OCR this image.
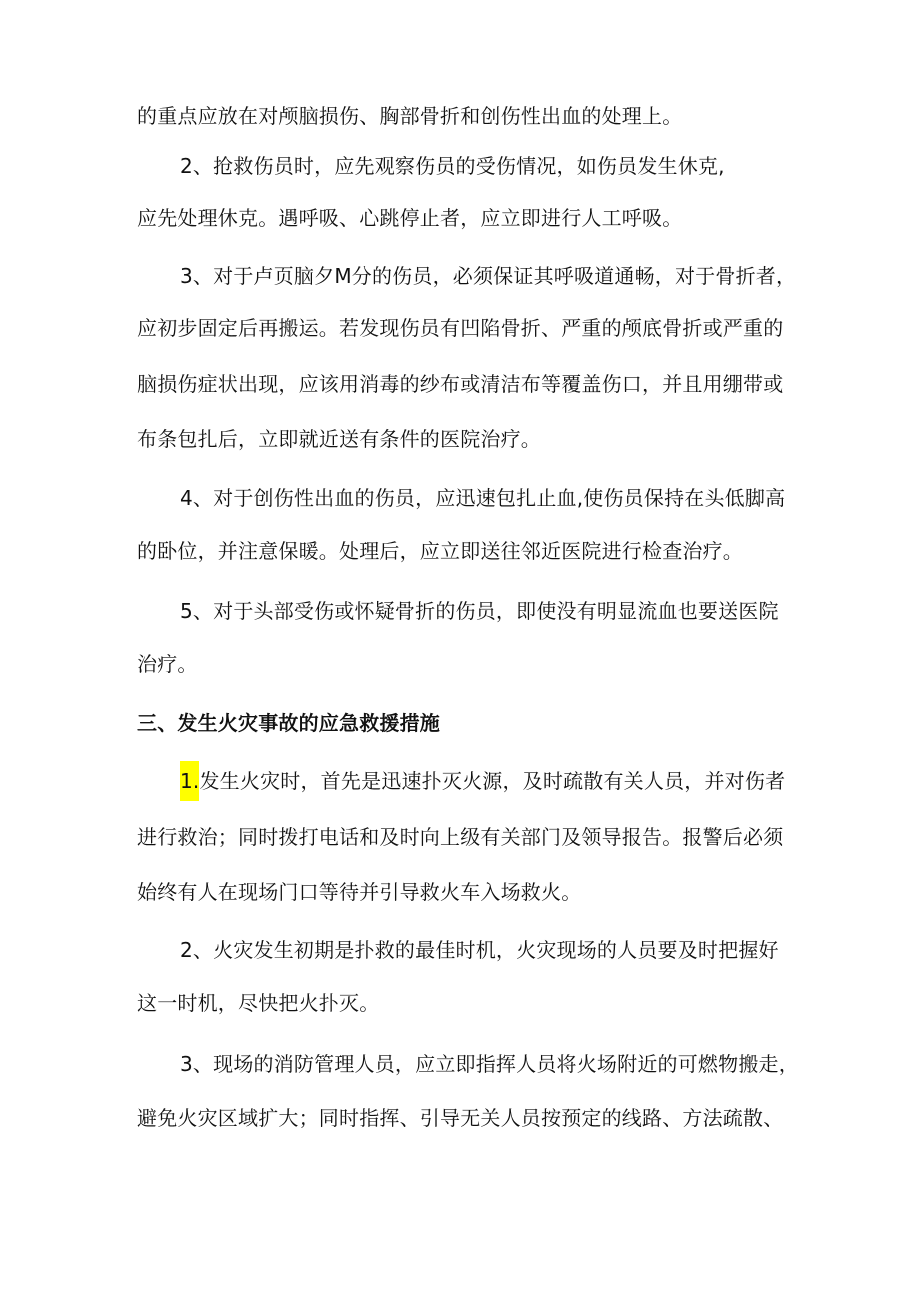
的重点应放在对颅脑损伤、胸部骨折和创伤性出血的处理上。
2、抢救伤员时，应先观察伤员的受伤情况，如伤员发生休克,
应先处理休克。遇呼吸、心跳停止者，应立即进行人工呼吸。
3、对于卢页脑夕M分的伤员，必须保证其呼吸道通畅，对于骨折者，
应初步固定后再搬运。若发现伤员有凹陷骨折、严重的颅底骨折或严重的
脑损伤症状出现，应该用消毒的纱布或清洁布等覆盖伤口，并且用绷带或
布条包扎后，立即就近送有条件的医院治疗。
4、对于创伤性出血的伤员，应迅速包扎止血,使伤员保持在头低脚高
的卧位，并注意保暖。处理后，应立即送往邻近医院进行检查治疗。
5、对于头部受伤或怀疑骨折的伤员，即使没有明显流血也要送医院
治疗。
三、发生火灾事故的应急救援措施
1.发生火灾时，首先是迅速扑灭火源，及时疏散有关人员，并对伤者
进行救治；同时拨打电话和及时向上级有关部门及领导报告。报警后必须
始终有人在现场门口等待并引导救火车入场救火。
2、火灾发生初期是扑救的最佳时机，火灾现场的人员要及时把握好
这一时机，尽快把火扑灭。
3、现场的消防管理人员，应立即指挥人员将火场附近的可燃物搬走，
避免火灾区域扩大；同时指挥、引导无关人员按预定的线路、方法疏散、
